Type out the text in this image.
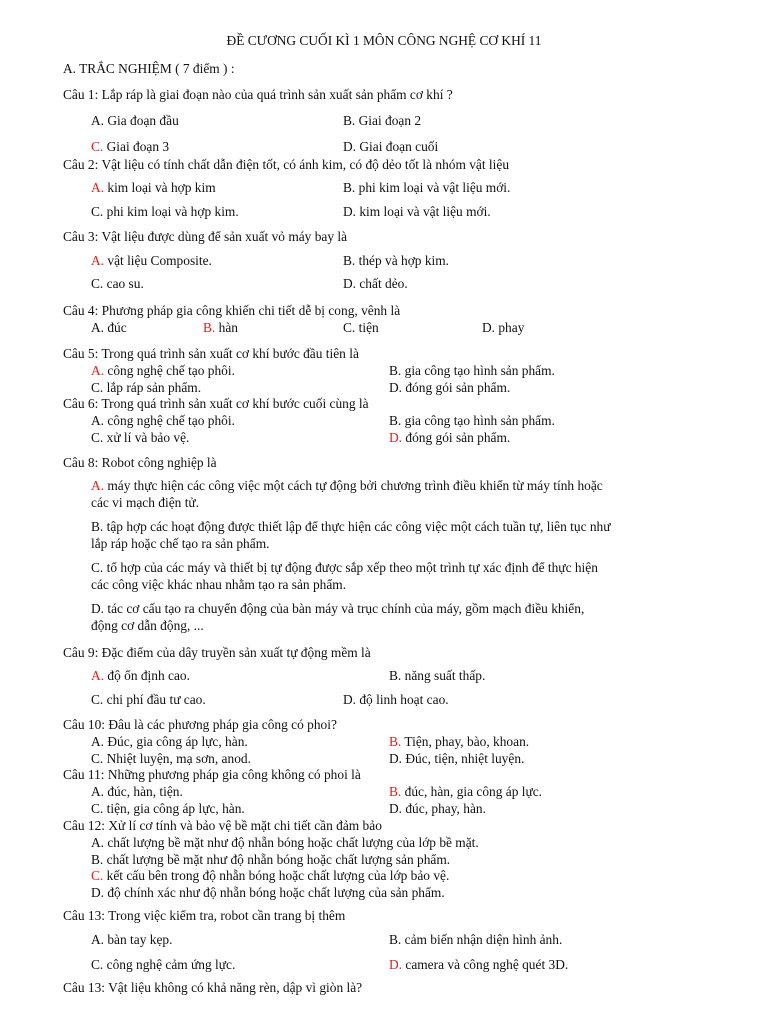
ĐỀ CƯƠNG CUỐI KÌ 1 MÔN CÔNG NGHỆ CƠ KHÍ 11
A. TRẮC NGHIỆM ( 7 điểm ) :
Câu 1: Lắp ráp là giai đoạn nào của quá trình sản xuất sản phẩm cơ khí ?
A. Gia đoạn đầu	B. Giai đoạn 2
C. Giai đoạn 3	D. Giai đoạn cuối
Câu 2: Vật liệu có tính chất dẫn điện tốt, có ánh kim, có độ dẻo tốt là nhóm vật liệu
A. kim loại và hợp kim	B. phi kim loại và vật liệu mới.
C. phi kim loại và hợp kim.	D. kim loại và vật liệu mới.
Câu 3: Vật liệu được dùng để sản xuất vỏ máy bay là
A. vật liệu Composite.	B. thép và hợp kim.
C. cao su.	D. chất dẻo.
Câu 4: Phương pháp gia công khiến chi tiết dễ bị cong, vênh là
A. đúc	B. hàn	C. tiện	D. phay
Câu 5: Trong quá trình sản xuất cơ khí bước đầu tiên là
A. công nghệ chế tạo phôi.	B. gia công tạo hình sản phẩm.
C. lắp ráp sản phẩm.	D. đóng gói sản phẩm.
Câu 6: Trong quá trình sản xuất cơ khí bước cuối cùng là
A. công nghệ chế tạo phôi.	B. gia công tạo hình sản phẩm.
C. xử lí và bảo vệ.	D. đóng gói sản phẩm.
Câu 8: Robot công nghiệp là
A. máy thực hiện các công việc một cách tự động bởi chương trình điều khiển từ máy tính hoặc
các vi mạch điện tử.
B. tập hợp các hoạt động được thiết lập để thực hiện các công việc một cách tuần tự, liên tục như
lắp ráp hoặc chế tạo ra sản phẩm.
C. tổ hợp của các máy và thiết bị tự động được sắp xếp theo một trình tự xác định để thực hiện
các công việc khác nhau nhằm tạo ra sản phẩm.
D. tác cơ cấu tạo ra chuyển động của bàn máy và trục chính của máy, gồm mạch điều khiển,
động cơ dẫn động, ...
Câu 9: Đặc điểm của dây truyền sản xuất tự động mềm là
A. độ ổn định cao.	B. năng suất thấp.
C. chi phí đầu tư cao.	D. độ linh hoạt cao.
Câu 10: Đâu là các phương pháp gia công có phoi?
A. Đúc, gia công áp lực, hàn.	B. Tiện, phay, bào, khoan.
C. Nhiệt luyện, mạ sơn, anod.	D. Đúc, tiện, nhiệt luyện.
Câu 11: Những phương pháp gia công không có phoi là
A. đúc, hàn, tiện.	B. đúc, hàn, gia công áp lực.
C. tiện, gia công áp lực, hàn.	D. đúc, phay, hàn.
Câu 12: Xử lí cơ tính và bảo vệ bề mặt chi tiết cần đảm bảo
A. chất lượng bề mặt như độ nhẵn bóng hoặc chất lượng của lớp bề mặt.
B. chất lượng bề mặt như độ nhẵn bóng hoặc chất lượng sản phẩm.
C. kết cấu bên trong độ nhẵn bóng hoặc chất lượng của lớp bảo vệ.
D. độ chính xác như độ nhẵn bóng hoặc chất lượng của sản phẩm.
Câu 13: Trong việc kiểm tra, robot cần trang bị thêm
A. bàn tay kẹp.	B. cảm biến nhận diện hình ảnh.
C. công nghệ cảm ứng lực.	D. camera và công nghệ quét 3D.
Câu 13: Vật liệu không có khả năng rèn, dập vì giòn là?
